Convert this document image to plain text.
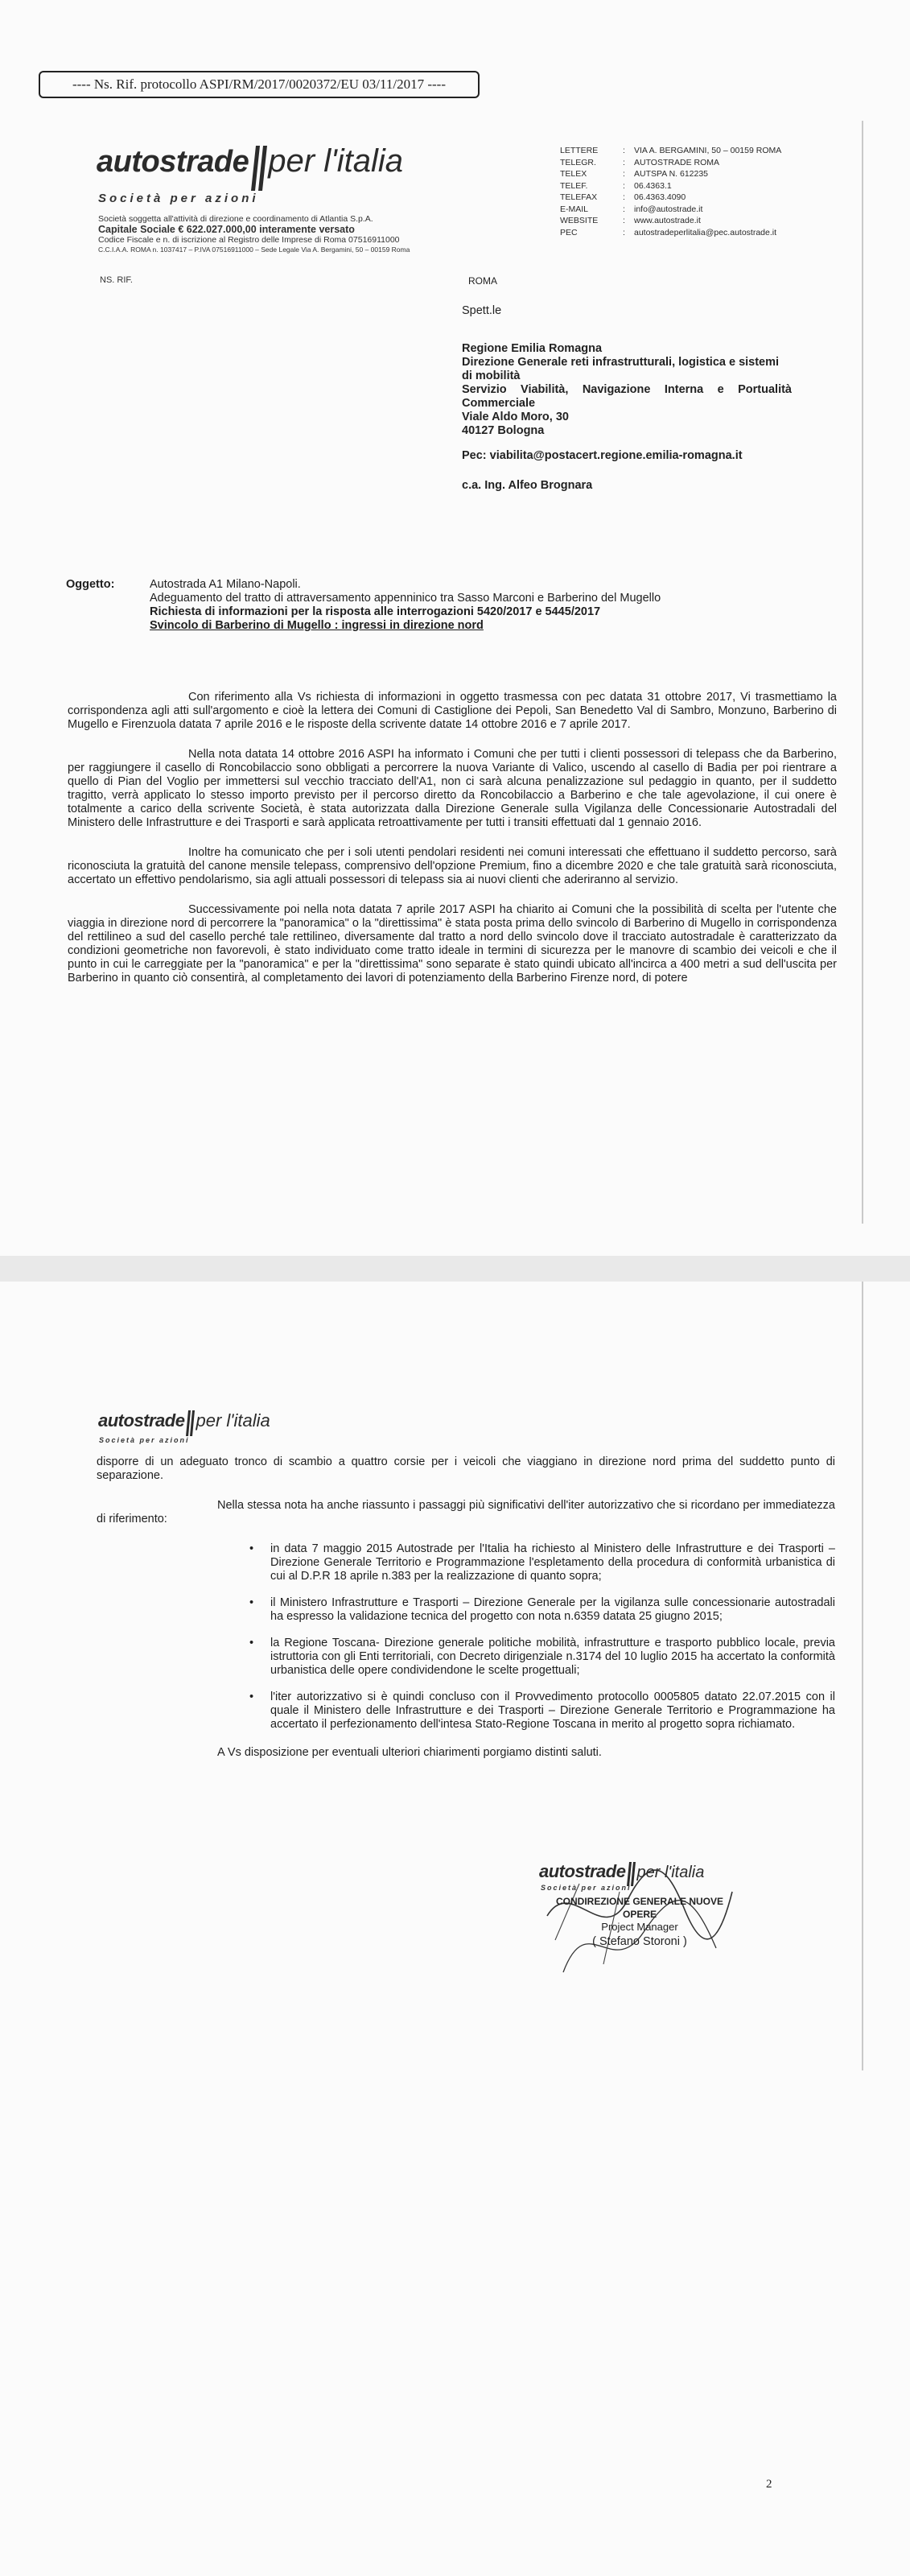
---- Ns. Rif. protocollo ASPI/RM/2017/0020372/EU 03/11/2017 ----
autostrade per l'italia
Società per azioni
Società soggetta all'attività di direzione e coordinamento di Atlantia S.p.A.
Capitale Sociale € 622.027.000,00 interamente versato
Codice Fiscale e n. di iscrizione al Registro delle Imprese di Roma 07516911000
C.C.I.A.A. ROMA n. 1037417 – P.IVA 07516911000 – Sede Legale Via A. Bergamini, 50 – 00159 Roma
LETTERE	:	VIA A. BERGAMINI, 50 – 00159 ROMA
TELEGR.	:	AUTOSTRADE ROMA
TELEX	:	AUTSPA N. 612235
TELEF.	:	06.4363.1
TELEFAX	:	06.4363.4090
E-MAIL	:	info@autostrade.it
WEBSITE	:	www.autostrade.it
PEC	:	autostradeperlitalia@pec.autostrade.it
NS. RIF.	ROMA
Spett.le
Regione Emilia Romagna
Direzione Generale reti infrastrutturali, logistica e sistemi di mobilità
Servizio Viabilità, Navigazione Interna e Portualità Commerciale
Viale Aldo Moro, 30
40127 Bologna
Pec: viabilita@postacert.regione.emilia-romagna.it
c.a. Ing. Alfeo Brognara
Oggetto:	Autostrada A1 Milano-Napoli.
Adeguamento del tratto di attraversamento appenninico tra Sasso Marconi e Barberino del Mugello
Richiesta di informazioni per la risposta alle interrogazioni 5420/2017 e 5445/2017
Svincolo di Barberino di Mugello : ingressi in direzione nord

Con riferimento alla Vs richiesta di informazioni in oggetto trasmessa con pec datata 31 ottobre 2017, Vi trasmettiamo la corrispondenza agli atti sull'argomento e cioè la lettera dei Comuni di Castiglione dei Pepoli, San Benedetto Val di Sambro, Monzuno, Barberino di Mugello e Firenzuola datata 7 aprile 2016 e le risposte della scrivente datate 14 ottobre 2016 e 7 aprile 2017.

Nella nota datata 14 ottobre 2016 ASPI ha informato i Comuni che per tutti i clienti possessori di telepass che da Barberino, per raggiungere il casello di Roncobilaccio sono obbligati a percorrere la nuova Variante di Valico, uscendo al casello di Badia per poi rientrare a quello di Pian del Voglio per immettersi sul vecchio tracciato dell'A1, non ci sarà alcuna penalizzazione sul pedaggio in quanto, per il suddetto tragitto, verrà applicato lo stesso importo previsto per il percorso diretto da Roncobilaccio a Barberino e che tale agevolazione, il cui onere è totalmente a carico della scrivente Società, è stata autorizzata dalla Direzione Generale sulla Vigilanza delle Concessionarie Autostradali del Ministero delle Infrastrutture e dei Trasporti e sarà applicata retroattivamente per tutti i transiti effettuati dal 1 gennaio 2016.

Inoltre ha comunicato che per i soli utenti pendolari residenti nei comuni interessati che effettuano il suddetto percorso, sarà riconosciuta la gratuità del canone mensile telepass, comprensivo dell'opzione Premium, fino a dicembre 2020 e che tale gratuità sarà riconosciuta, accertato un effettivo pendolarismo, sia agli attuali possessori di telepass sia ai nuovi clienti che aderiranno al servizio.

Successivamente poi nella nota datata 7 aprile 2017 ASPI ha chiarito ai Comuni che la possibilità di scelta per l'utente che viaggia in direzione nord di percorrere la "panoramica" o la "direttissima" è stata posta prima dello svincolo di Barberino di Mugello in corrispondenza del rettilineo a sud del casello perché tale rettilineo, diversamente dal tratto a nord dello svincolo dove il tracciato autostradale è caratterizzato da condizioni geometriche non favorevoli, è stato individuato come tratto ideale in termini di sicurezza per le manovre di scambio dei veicoli e che il punto in cui le carreggiate per la "panoramica" e per la "direttissima" sono separate è stato quindi ubicato all'incirca a 400 metri a sud dell'uscita per Barberino in quanto ciò consentirà, al completamento dei lavori di potenziamento della Barberino Firenze nord, di potere

autostrade per l'italia
Società per azioni

disporre di un adeguato tronco di scambio a quattro corsie per i veicoli che viaggiano in direzione nord prima del suddetto punto di separazione.

Nella stessa nota ha anche riassunto i passaggi più significativi dell'iter autorizzativo che si ricordano per immediatezza di riferimento:

• in data 7 maggio 2015 Autostrade per l'Italia ha richiesto al Ministero delle Infrastrutture e dei Trasporti – Direzione Generale Territorio e Programmazione l'espletamento della procedura di conformità urbanistica di cui al D.P.R 18 aprile n.383 per la realizzazione di quanto sopra;
• il Ministero Infrastrutture e Trasporti – Direzione Generale per la vigilanza sulle concessionarie autostradali ha espresso la validazione tecnica del progetto con nota n.6359 datata 25 giugno 2015;
• la Regione Toscana- Direzione generale politiche mobilità, infrastrutture e trasporto pubblico locale, previa istruttoria con gli Enti territoriali, con Decreto dirigenziale n.3174 del 10 luglio 2015 ha accertato la conformità urbanistica delle opere condividendone le scelte progettuali;
• l'iter autorizzativo si è quindi concluso con il Provvedimento protocollo 0005805 datato 22.07.2015 con il quale il Ministero delle Infrastrutture e dei Trasporti – Direzione Generale Territorio e Programmazione ha accertato il perfezionamento dell'intesa Stato-Regione Toscana in merito al progetto sopra richiamato.

A Vs disposizione per eventuali ulteriori chiarimenti porgiamo distinti saluti.

autostrade per l'italia
Società per azioni
CONDIREZIONE GENERALE NUOVE OPERE
Project Manager
( Stefano Storoni )
2
